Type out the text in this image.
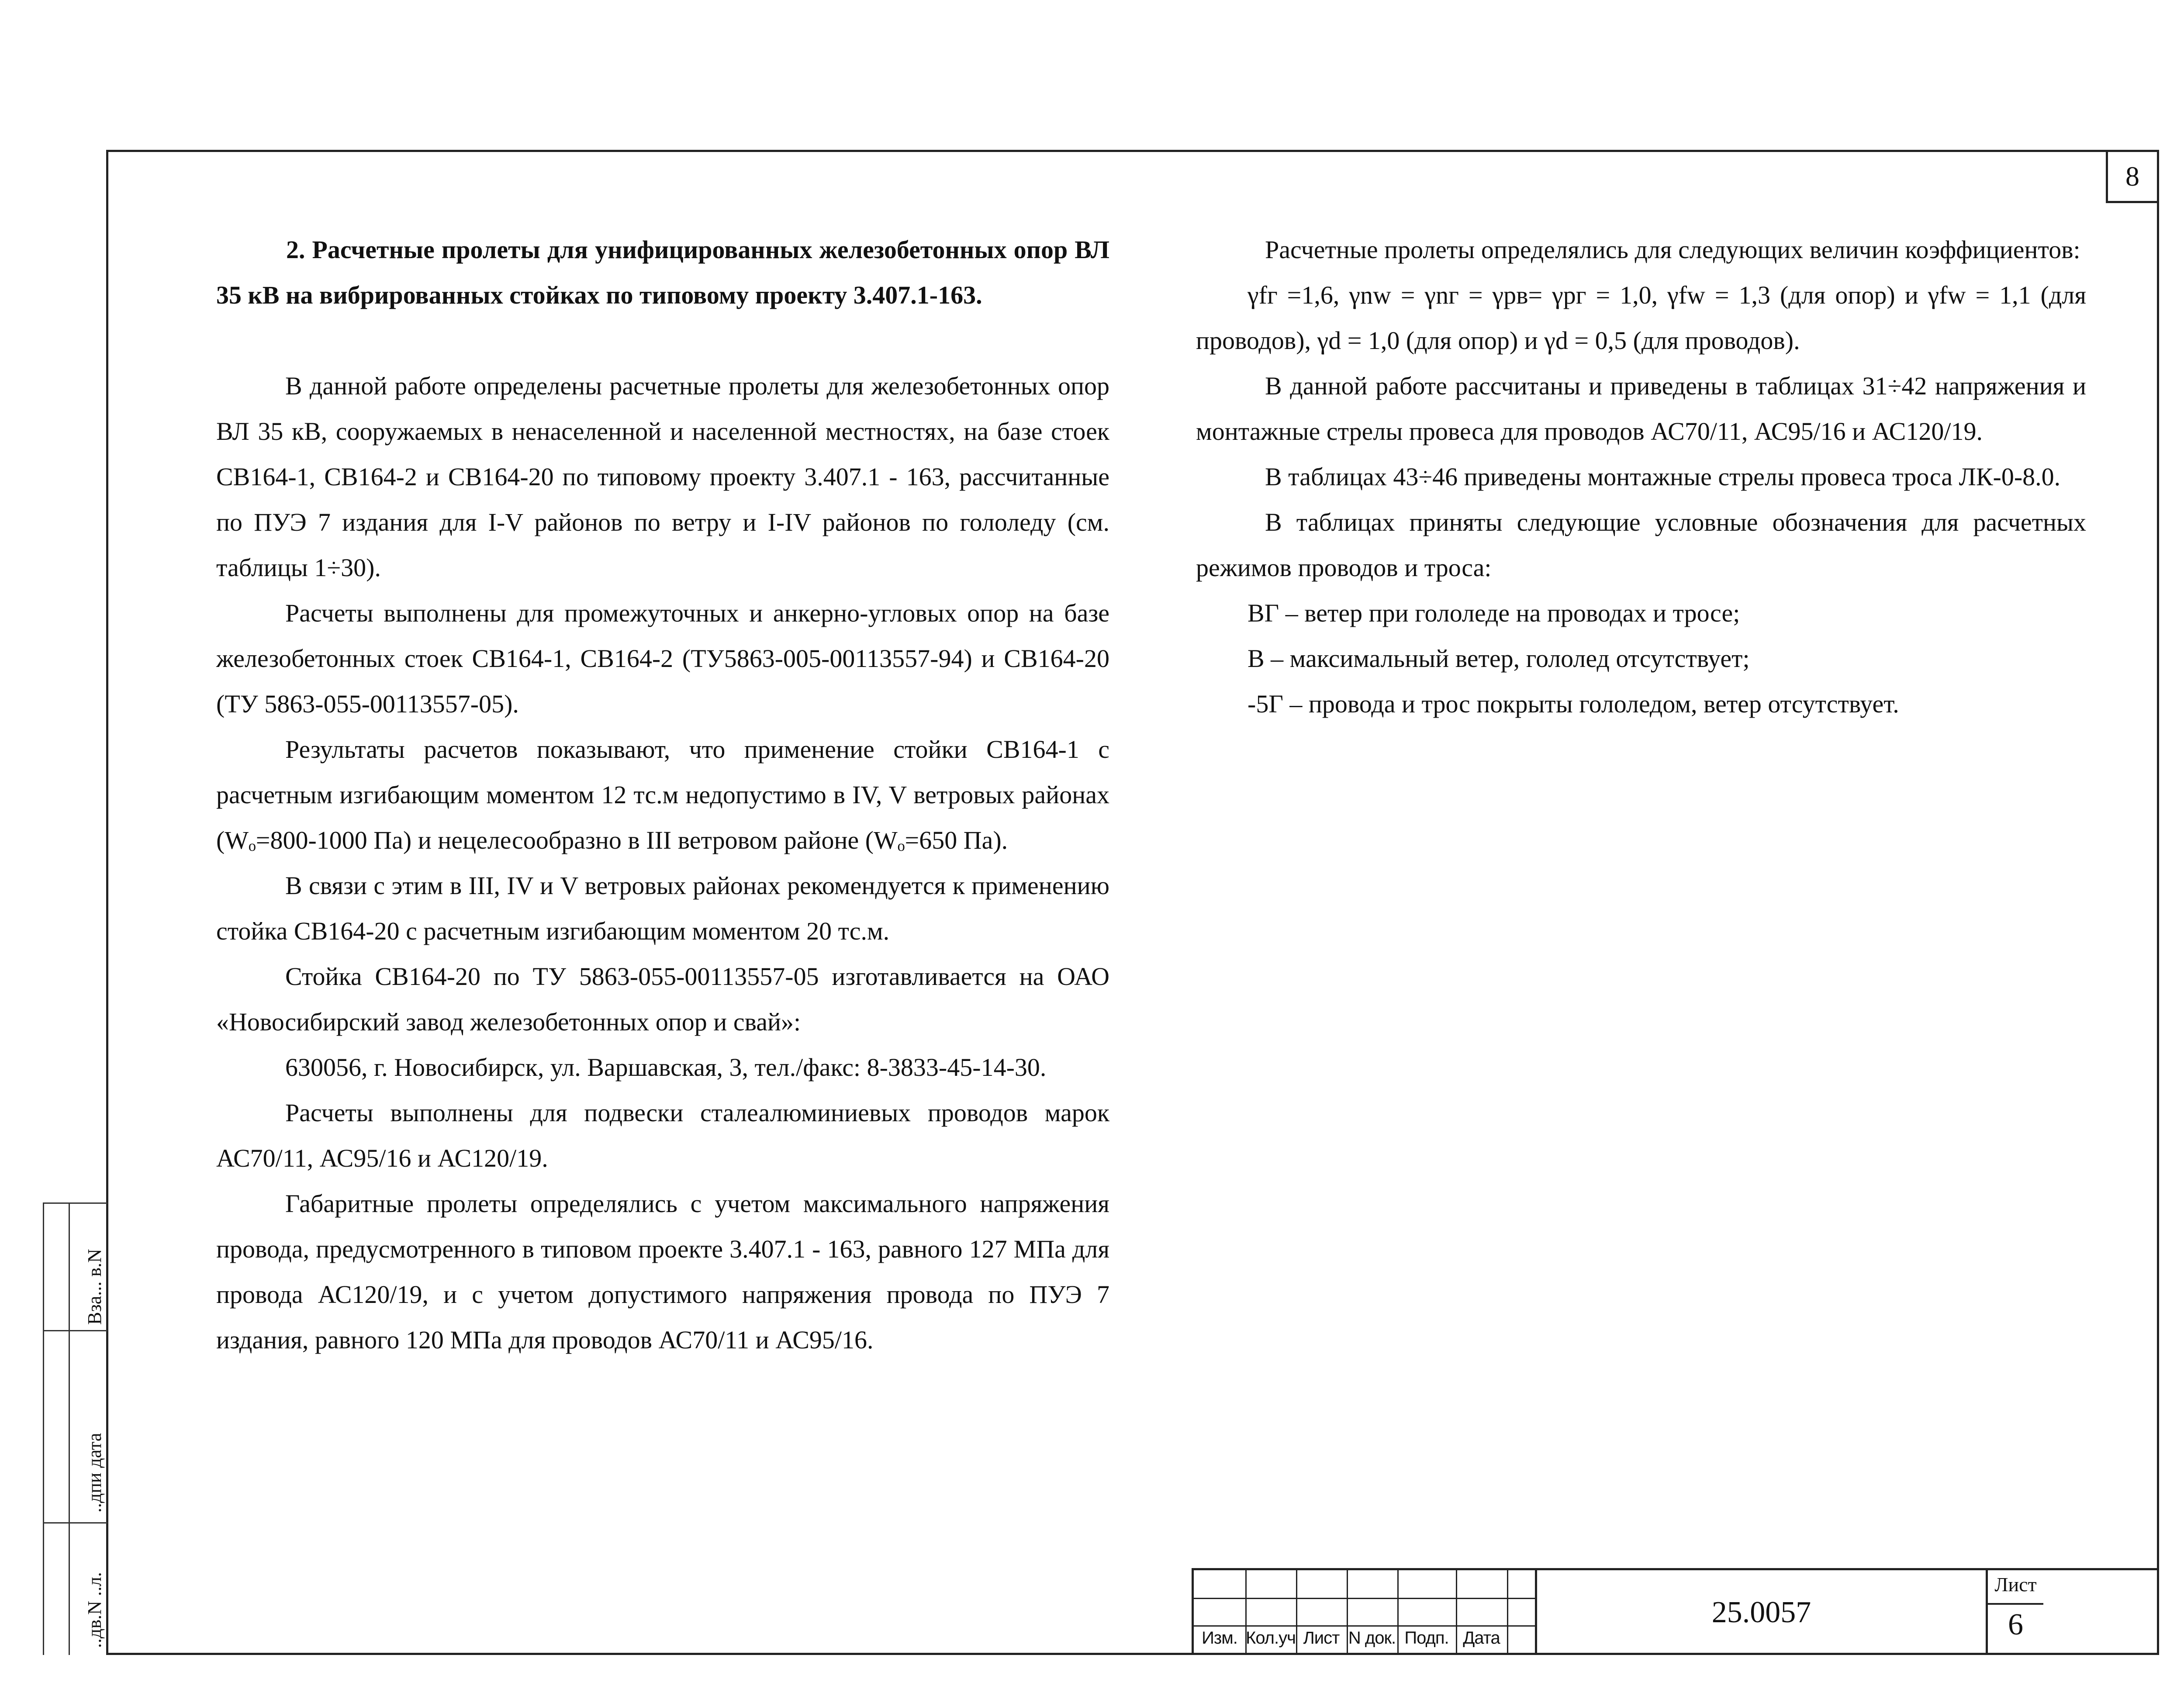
8

2. Расчетные пролеты для унифицированных железобетонных опор ВЛ 35 кВ на вибрированных стойках по типовому проекту 3.407.1-163.

В данной работе определены расчетные пролеты для железобетонных опор ВЛ 35 кВ, сооружаемых в ненаселенной и населенной местностях, на базе стоек СВ164-1, СВ164-2 и СВ164-20 по типовому проекту 3.407.1 - 163, рассчитанные по ПУЭ 7 издания для I-V районов по ветру и I-IV районов по гололеду (см. таблицы 1÷30).

Расчеты выполнены для промежуточных и анкерно-угловых опор на базе железобетонных стоек СВ164-1, СВ164-2 (ТУ5863-005-00113557-94) и СВ164-20 (ТУ 5863-055-00113557-05).

Результаты расчетов показывают, что применение стойки СВ164-1 с расчетным изгибающим моментом 12 тс.м недопустимо в IV, V ветровых районах (Wₒ=800-1000 Па) и нецелесообразно в III ветровом районе (Wₒ=650 Па).

В связи с этим в III, IV и V ветровых районах рекомендуется к применению стойка СВ164-20 с расчетным изгибающим моментом 20 тс.м.

Стойка СВ164-20 по ТУ 5863-055-00113557-05 изготавливается на ОАО «Новосибирский завод железобетонных опор и свай»:

630056, г. Новосибирск, ул. Варшавская, 3, тел./факс: 8-3833-45-14-30.

Расчеты выполнены для подвески сталеалюминиевых проводов марок АС70/11, АС95/16 и АС120/19.

Габаритные пролеты определялись с учетом максимального напряжения провода, предусмотренного в типовом проекте 3.407.1 - 163, равного 127 МПа для провода АС120/19, и с учетом допустимого напряжения провода по ПУЭ 7 издания, равного 120 МПа для проводов АС70/11 и АС95/16.

Расчетные пролеты определялись для следующих величин коэффициентов:

γfг =1,6, γnw = γnг = γpв= γpг = 1,0, γfw = 1,3 (для опор) и γfw = 1,1 (для проводов), γd = 1,0 (для опор) и γd = 0,5 (для проводов).

В данной работе рассчитаны и приведены в таблицах 31÷42 напряжения и монтажные стрелы провеса для проводов АС70/11, АС95/16 и АС120/19.

В таблицах 43÷46 приведены монтажные стрелы провеса троса ЛК-0-8.0.

В таблицах приняты следующие условные обозначения для расчетных режимов проводов и троса:

ВГ – ветер при гололеде на проводах и тросе;

В – максимальный ветер, гололед отсутствует;

-5Г – провода и трос покрыты гололедом, ветер отсутствует.

Вза... в.N
..дпи дата
..дв.N ..л.	Изм. Кол.уч Лист N док. Подп. Дата
25.0057
Лист
6
